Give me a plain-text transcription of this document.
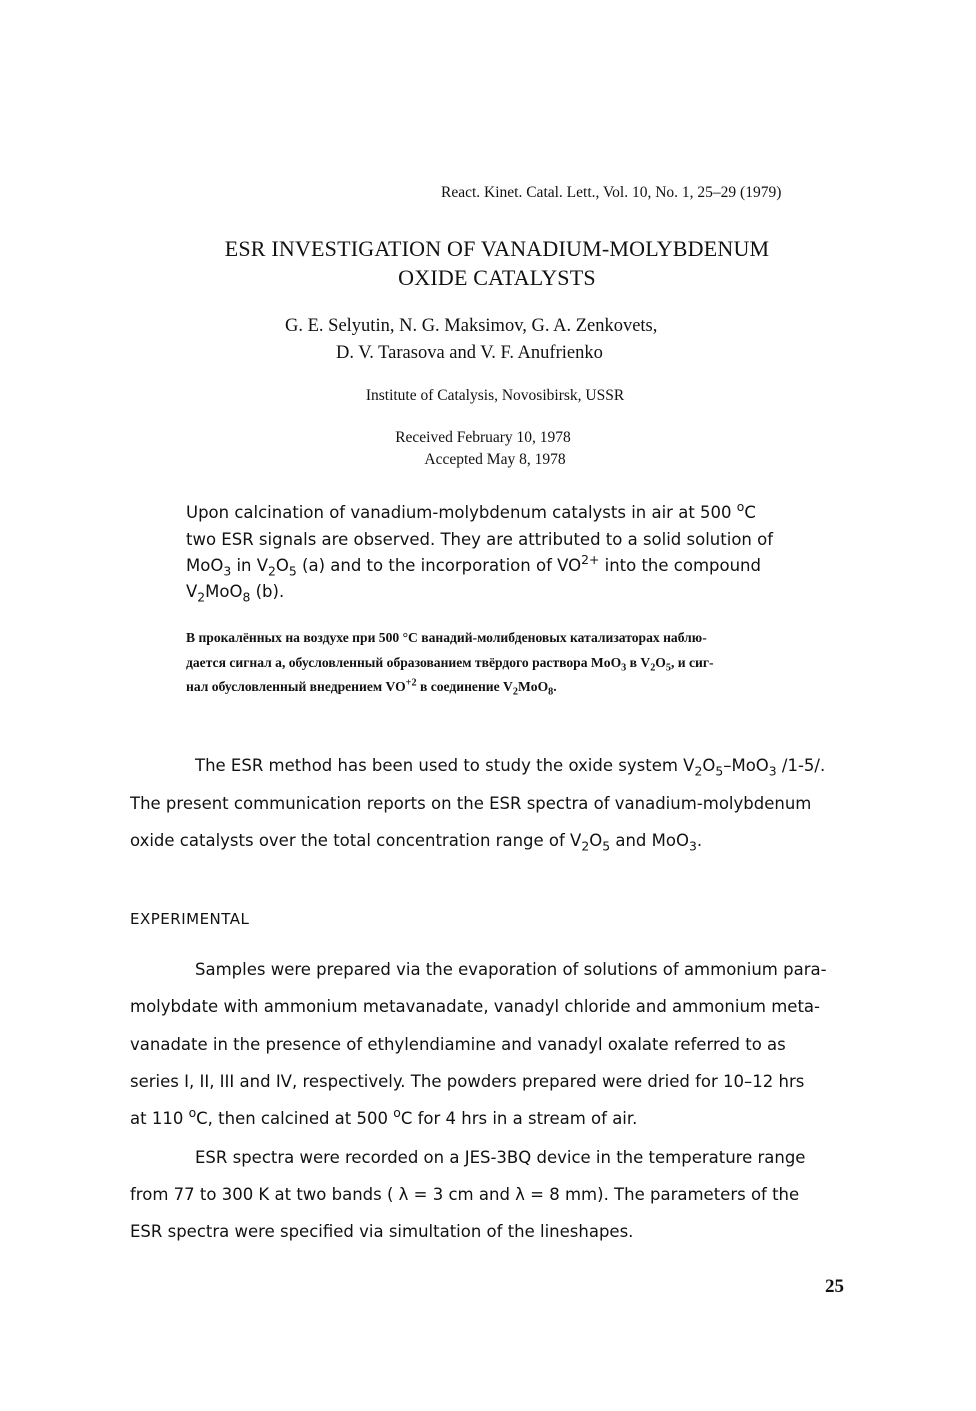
React. Kinet. Catal. Lett., Vol. 10, No. 1, 25–29 (1979)
ESR INVESTIGATION OF VANADIUM-MOLYBDENUM
OXIDE CATALYSTS
G. E. Selyutin, N. G. Maksimov, G. A. Zenkovets,
D. V. Tarasova and V. F. Anufrienko
Institute of Catalysis, Novosibirsk, USSR
Received February 10, 1978
Accepted May 8, 1978
Upon calcination of vanadium-molybdenum catalysts in air at 500 $^o$C
two ESR signals are observed. They are attributed to a solid solution of
MoO$_3$ in $V_2O_5$ (a) and to the incorporation of $VO^{2+}$ into the compound
$V_2MoO_8$ (b).
В прокалённых на воздухе при 500 °С ванадий-молибденовых катализаторах наблю-
дается сигнал а, обусловленный образованием твёрдого раствора MoO$_3$ в $V_2O_5$, и сиг-
нал обусловленный внедрением $VO^{+2}$ в соединение $V_2MoO_8$.
The ESR method has been used to study the oxide system $V_2O_5-MoO_3$ /1-5/.
The present communication reports on the ESR spectra of vanadium-molybdenum
oxide catalysts over the total concentration range of $V_2O_5$ and MoO$_3$.
EXPERIMENTAL
Samples were prepared via the evaporation of solutions of ammonium para-
molybdate with ammonium metavanadate, vanadyl chloride and ammonium meta-
vanadate in the presence of ethylendiamine and vanadyl oxalate referred to as
series I, II, III and IV, respectively. The powders prepared were dried for 10–12 hrs
at 110 $^o$C, then calcined at 500 $^o$C for 4 hrs in a stream of air.
ESR spectra were recorded on a JES-3BQ device in the temperature range
from 77 to 300 K at two bands ( λ = 3 cm and λ = 8 mm). The parameters of the
ESR spectra were specified via simultation of the lineshapes.
25
